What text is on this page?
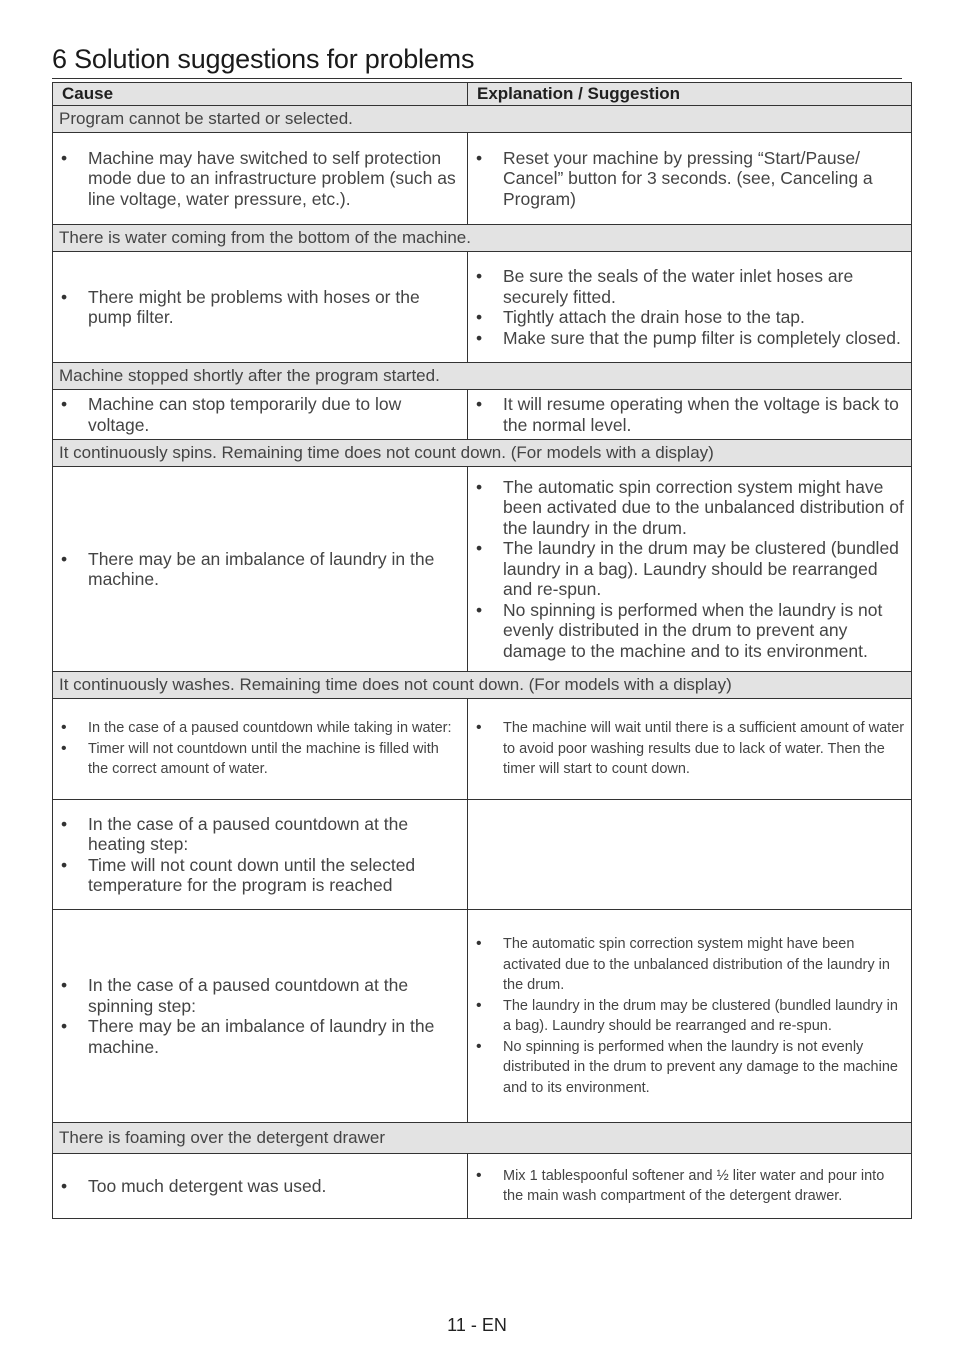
6 Solution suggestions for problems
Cause	Explanation / Suggestion
Program cannot be started or selected.
• Machine may have switched to self protection mode due to an infrastructure problem (such as line voltage, water pressure, etc.).
• Reset your machine by pressing “Start/Pause/ Cancel” button for 3 seconds. (see, Canceling a Program)
There is water coming from the bottom of the machine.
• There might be problems with hoses or the pump filter.
• Be sure the seals of the water inlet hoses are securely fitted.
• Tightly attach the drain hose to the tap.
• Make sure that the pump filter is completely closed.
Machine stopped shortly after the program started.
• Machine can stop temporarily due to low voltage.
• It will resume operating when the voltage is back to the normal level.
It continuously spins. Remaining time does not count down. (For models with a display)
• There may be an imbalance of laundry in the machine.
• The automatic spin correction system might have been activated due to the unbalanced distribution of the laundry in the drum.
• The laundry in the drum may be clustered (bundled laundry in a bag). Laundry should be rearranged and re-spun.
• No spinning is performed when the laundry is not evenly distributed in the drum to prevent any damage to the machine and to its environment.
It continuously washes. Remaining time does not count down. (For models with a display)
• In the case of a paused countdown while taking in water:
• Timer will not countdown until the machine is filled with the correct amount of water.
• The machine will wait until there is a sufficient amount of water to avoid poor washing results due to lack of water. Then the timer will start to count down.
• In the case of a paused countdown at the heating step:
• Time will not count down until the selected temperature for the program is reached
• In the case of a paused countdown at the spinning step:
• There may be an imbalance of laundry in the machine.
• The automatic spin correction system might have been activated due to the unbalanced distribution of the laundry in the drum.
• The laundry in the drum may be clustered (bundled laundry in a bag). Laundry should be rearranged and re-spun.
• No spinning is performed when the laundry is not evenly distributed in the drum to prevent any damage to the machine and to its environment.
There is foaming over the detergent drawer
• Too much detergent was used.
• Mix 1 tablespoonful softener and ½ liter water and pour into the main wash compartment of the detergent drawer.
11 - EN
